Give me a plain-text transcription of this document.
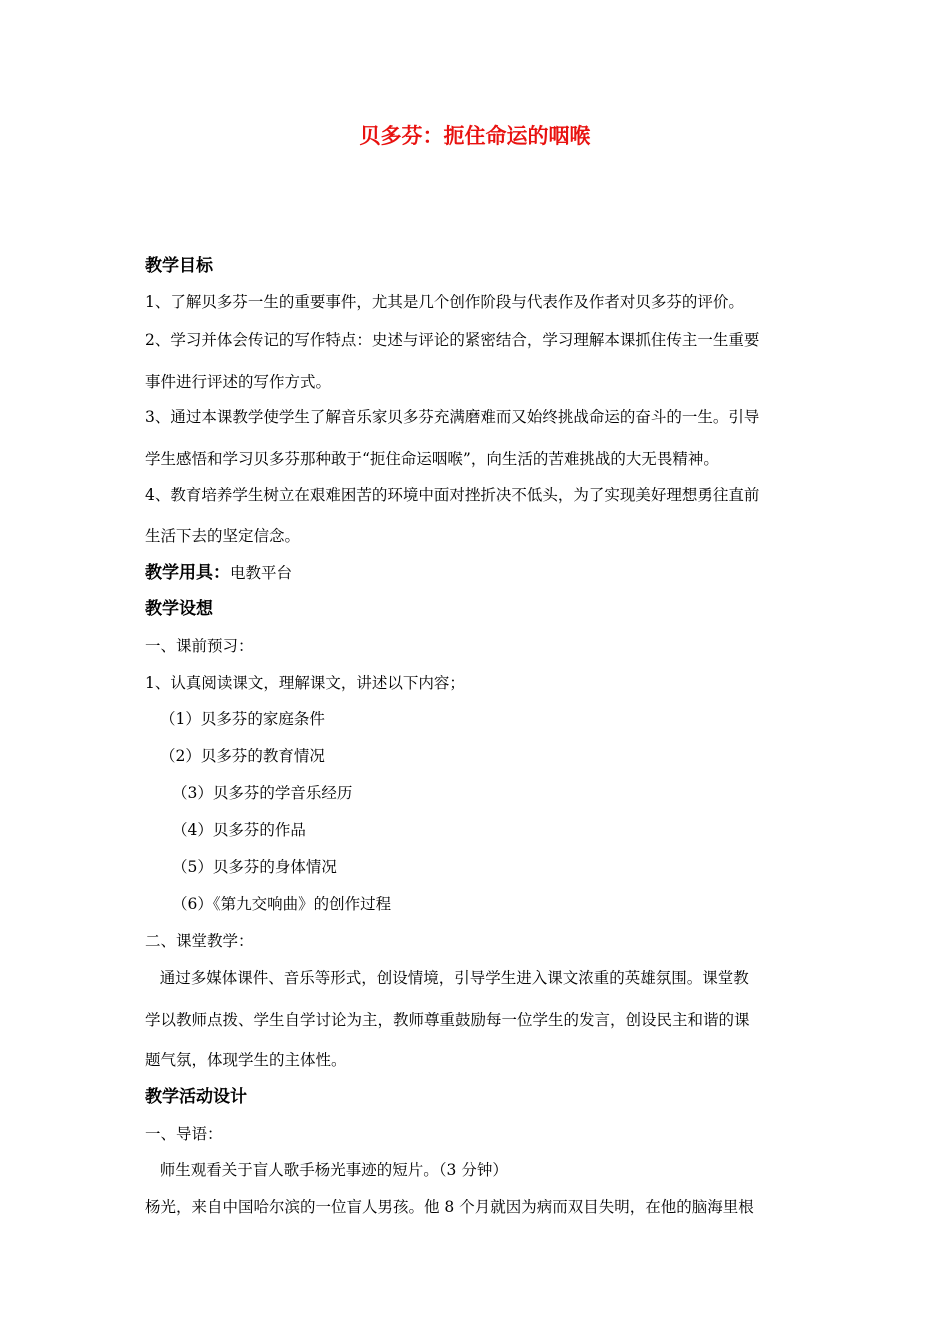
贝多芬：扼住命运的咽喉
教学目标
1、了解贝多芬一生的重要事件，尤其是几个创作阶段与代表作及作者对贝多芬的评价。
2、学习并体会传记的写作特点：史述与评论的紧密结合，学习理解本课抓住传主一生重要
事件进行评述的写作方式。
3、通过本课教学使学生了解音乐家贝多芬充满磨难而又始终挑战命运的奋斗的一生。引导
学生感悟和学习贝多芬那种敢于“扼住命运咽喉”，向生活的苦难挑战的大无畏精神。
4、教育培养学生树立在艰难困苦的环境中面对挫折决不低头，为了实现美好理想勇往直前
生活下去的坚定信念。
教学用具：电教平台
教学设想
一、课前预习：
1、认真阅读课文，理解课文，讲述以下内容；
（1）贝多芬的家庭条件
（2）贝多芬的教育情况
（3）贝多芬的学音乐经历
（4）贝多芬的作品
（5）贝多芬的身体情况
（6）《第九交响曲》的创作过程
二、课堂教学：
通过多媒体课件、音乐等形式，创设情境，引导学生进入课文浓重的英雄氛围。课堂教
学以教师点拨、学生自学讨论为主，教师尊重鼓励每一位学生的发言，创设民主和谐的课
题气氛，体现学生的主体性。
教学活动设计
一、导语：
师生观看关于盲人歌手杨光事迹的短片。（3 分钟）
杨光，来自中国哈尔滨的一位盲人男孩。他 8 个月就因为病而双目失明，在他的脑海里根
